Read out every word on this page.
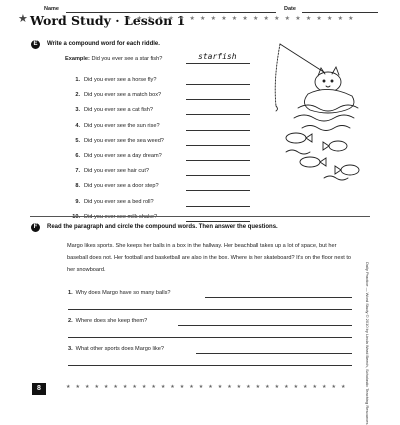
Name	Date
★ Word Study · Lesson 1
★★★★★★★★★★★★★★★★★★★★★★
E	Write a compound word for each riddle.
Example: Did you ever see a star fish?	starfish
1. Did you ever see a horse fly?
2. Did you ever see a match box?
3. Did you ever see a cat fish?
4. Did you ever see the sun rise?
5. Did you ever see the sea weed?
6. Did you ever see a day dream?
7. Did you ever see hair cut?
8. Did you ever see a door step?
9. Did you ever see a bed roll?
10. Did you ever see milk shake?
F	Read the paragraph and circle the compound words. Then answer the questions.
Margo likes sports. She keeps her balls in a box in the hallway. Her beachball takes up a lot of space, but her baseball does not. Her football and basketball are also in the box. Where is her skateboard? It's on the floor next to her snowboard.
1. Why does Margo have so many balls?
2. Where does she keep them?
3. What other sports does Margo like?	Daily Practice — Word Study © 2010 by Linda Ward Beech, Scholastic Teaching Resources
8	★★★★★★★★★★★★★★★★★★★★★★★★★★★★★★
